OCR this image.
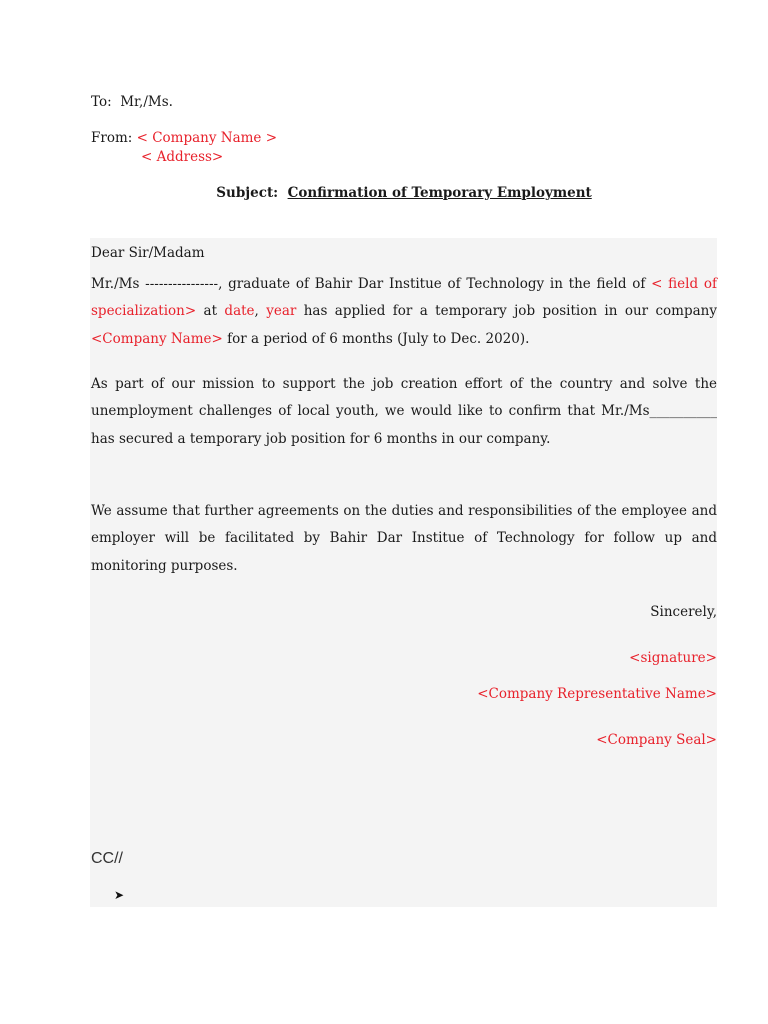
To: Mr,/Ms.
From: < Company Name >
< Address>
Subject: Confirmation of Temporary Employment

Dear Sir/Madam

Mr./Ms ----------------, graduate of Bahir Dar Institue of Technology in the field of < field of specialization> at date, year has applied for a temporary job position in our company <Company Name> for a period of 6 months (July to Dec. 2020).

As part of our mission to support the job creation effort of the country and solve the unemployment challenges of local youth, we would like to confirm that Mr./Ms__________ has secured a temporary job position for 6 months in our company.

We assume that further agreements on the duties and responsibilities of the employee and employer will be facilitated by Bahir Dar Institue of Technology for follow up and monitoring purposes.

Sincerely,
<signature>
<Company Representative Name>
<Company Seal>
CC//
➤
